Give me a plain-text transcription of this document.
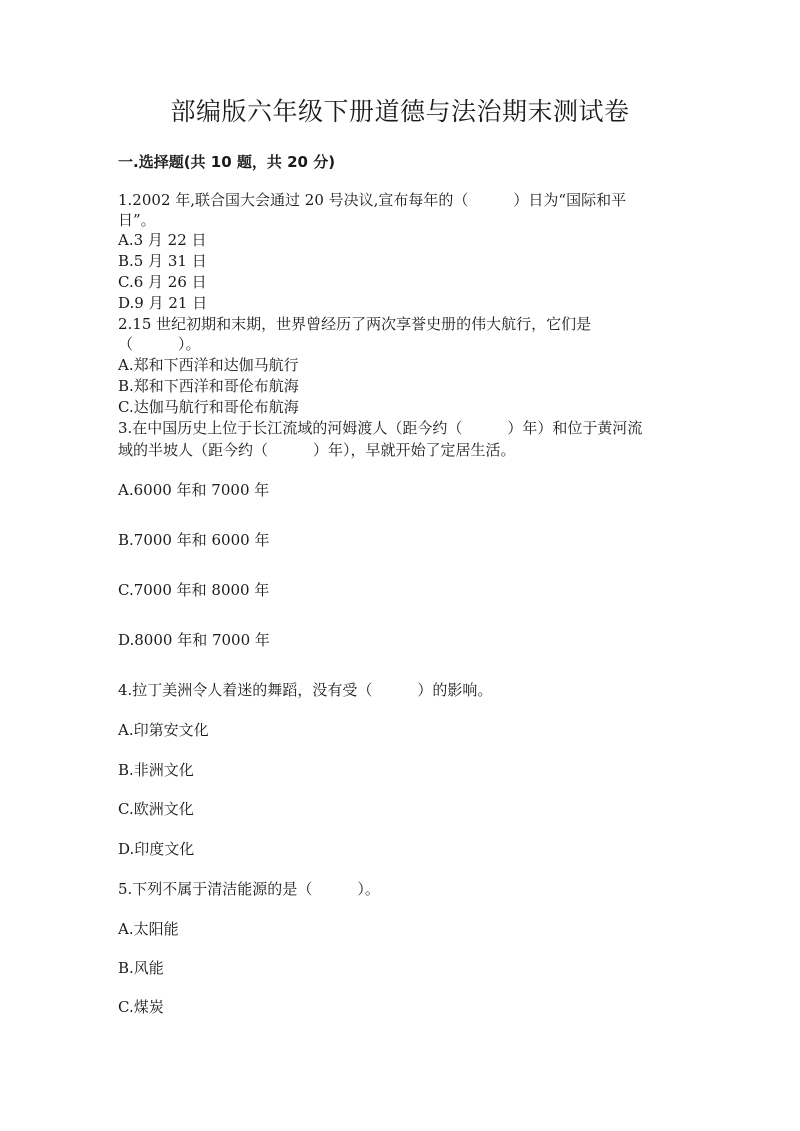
部编版六年级下册道德与法治期末测试卷
一.选择题(共 10 题，共 20 分)
1.2002 年,联合国大会通过 20 号决议,宣布每年的（　　　）日为“国际和平
日”。
A.3 月 22 日
B.5 月 31 日
C.6 月 26 日
D.9 月 21 日
2.15 世纪初期和末期，世界曾经历了两次享誉史册的伟大航行，它们是
（　　　）。
A.郑和下西洋和达伽马航行
B.郑和下西洋和哥伦布航海
C.达伽马航行和哥伦布航海
3.在中国历史上位于长江流域的河姆渡人（距今约（　　　）年）和位于黄河流
域的半坡人（距今约（　　　）年），早就开始了定居生活。
A.6000 年和 7000 年
B.7000 年和 6000 年
C.7000 年和 8000 年
D.8000 年和 7000 年
4.拉丁美洲令人着迷的舞蹈，没有受（　　　）的影响。
A.印第安文化
B.非洲文化
C.欧洲文化
D.印度文化
5.下列不属于清洁能源的是（　　　）。
A.太阳能
B.风能
C.煤炭
